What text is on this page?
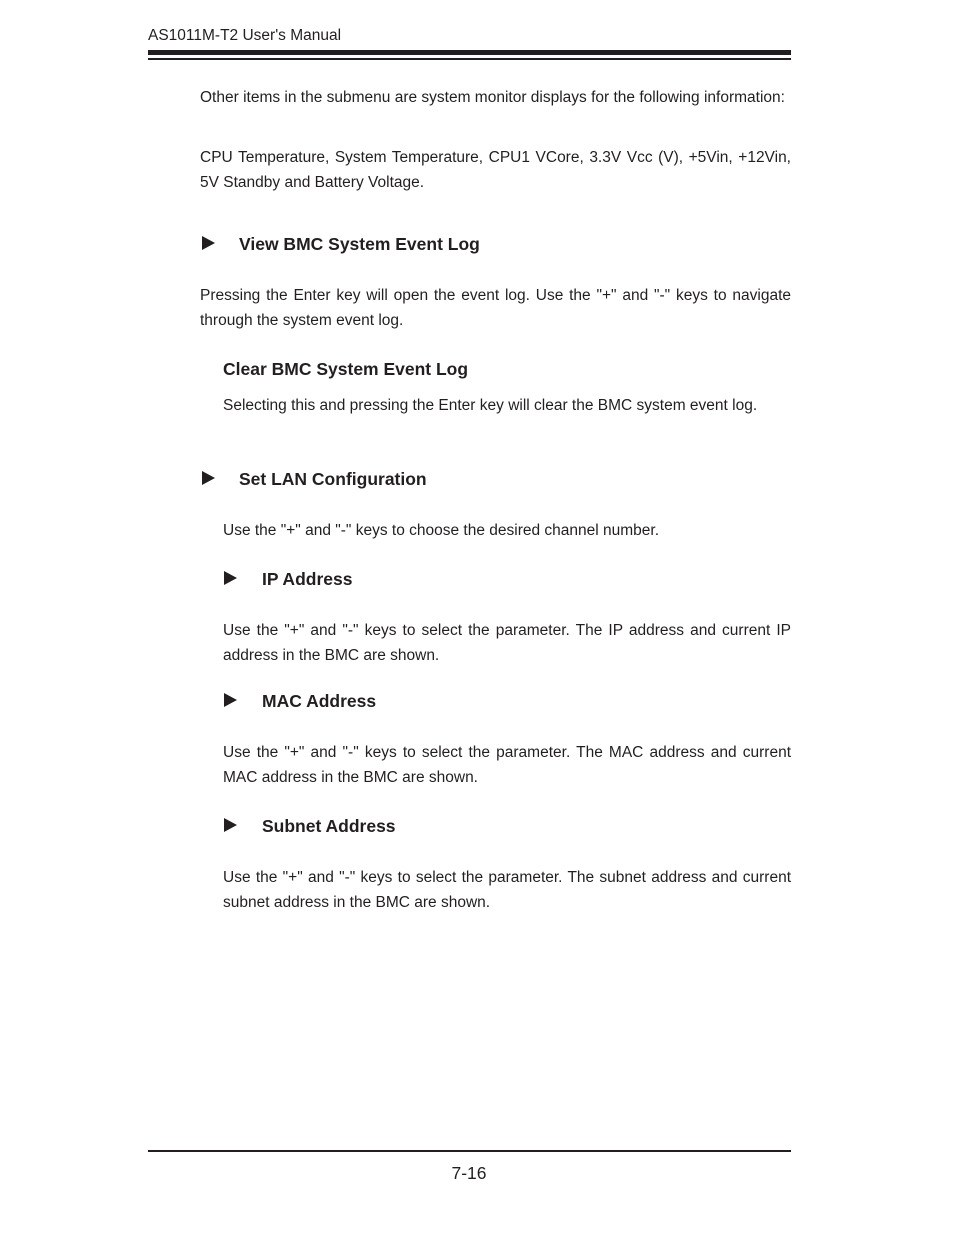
AS1011M-T2 User's Manual
Other items in the submenu are system monitor displays for the following information:
CPU Temperature, System Temperature, CPU1 VCore, 3.3V Vcc (V), +5Vin, +12Vin, 5V Standby and Battery Voltage.
View BMC System Event Log
Pressing the Enter key will open the event log. Use the "+" and "-" keys to navigate through the system event log.
Clear BMC System Event Log
Selecting this and pressing the Enter key will clear the BMC system event log.
Set LAN Configuration
Use the "+" and "-" keys to choose the desired channel number.
IP Address
Use the "+" and "-" keys to select the parameter. The IP address and current IP address in the BMC are shown.
MAC Address
Use the "+" and "-" keys to select the parameter. The MAC address and current MAC address in the BMC are shown.
Subnet Address
Use the "+" and "-" keys to select the parameter. The subnet address and current subnet address in the BMC are shown.
7-16
